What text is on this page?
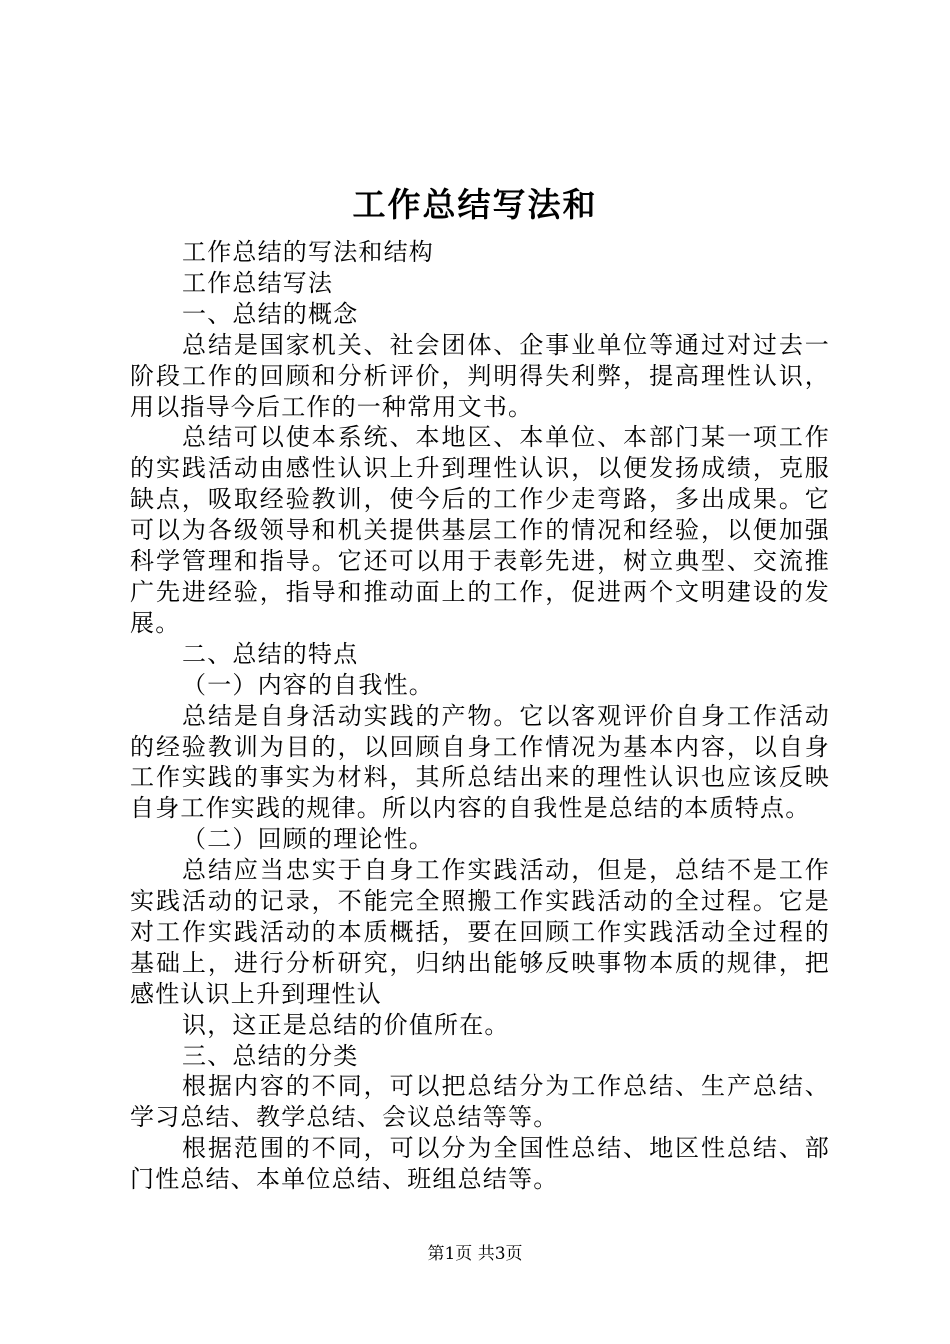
工作总结写法和

工作总结的写法和结构

工作总结写法

一、总结的概念

总结是国家机关、社会团体、企事业单位等通过对过去一阶段工作的回顾和分析评价，判明得失利弊，提高理性认识，用以指导今后工作的一种常用文书。

总结可以使本系统、本地区、本单位、本部门某一项工作的实践活动由感性认识上升到理性认识，以便发扬成绩，克服缺点，吸取经验教训，使今后的工作少走弯路，多出成果。它可以为各级领导和机关提供基层工作的情况和经验，以便加强科学管理和指导。它还可以用于表彰先进，树立典型、交流推广先进经验，指导和推动面上的工作，促进两个文明建设的发展。

二、总结的特点

（一）内容的自我性。

总结是自身活动实践的产物。它以客观评价自身工作活动的经验教训为目的，以回顾自身工作情况为基本内容，以自身工作实践的事实为材料，其所总结出来的理性认识也应该反映自身工作实践的规律。所以内容的自我性是总结的本质特点。

（二）回顾的理论性。

总结应当忠实于自身工作实践活动，但是，总结不是工作实践活动的记录，不能完全照搬工作实践活动的全过程。它是对工作实践活动的本质概括，要在回顾工作实践活动全过程的基础上，进行分析研究，归纳出能够反映事物本质的规律，把感性认识上升到理性认

识，这正是总结的价值所在。

三、总结的分类

根据内容的不同，可以把总结分为工作总结、生产总结、学习总结、教学总结、会议总结等等。

根据范围的不同，可以分为全国性总结、地区性总结、部门性总结、本单位总结、班组总结等。

第1页 共3页
